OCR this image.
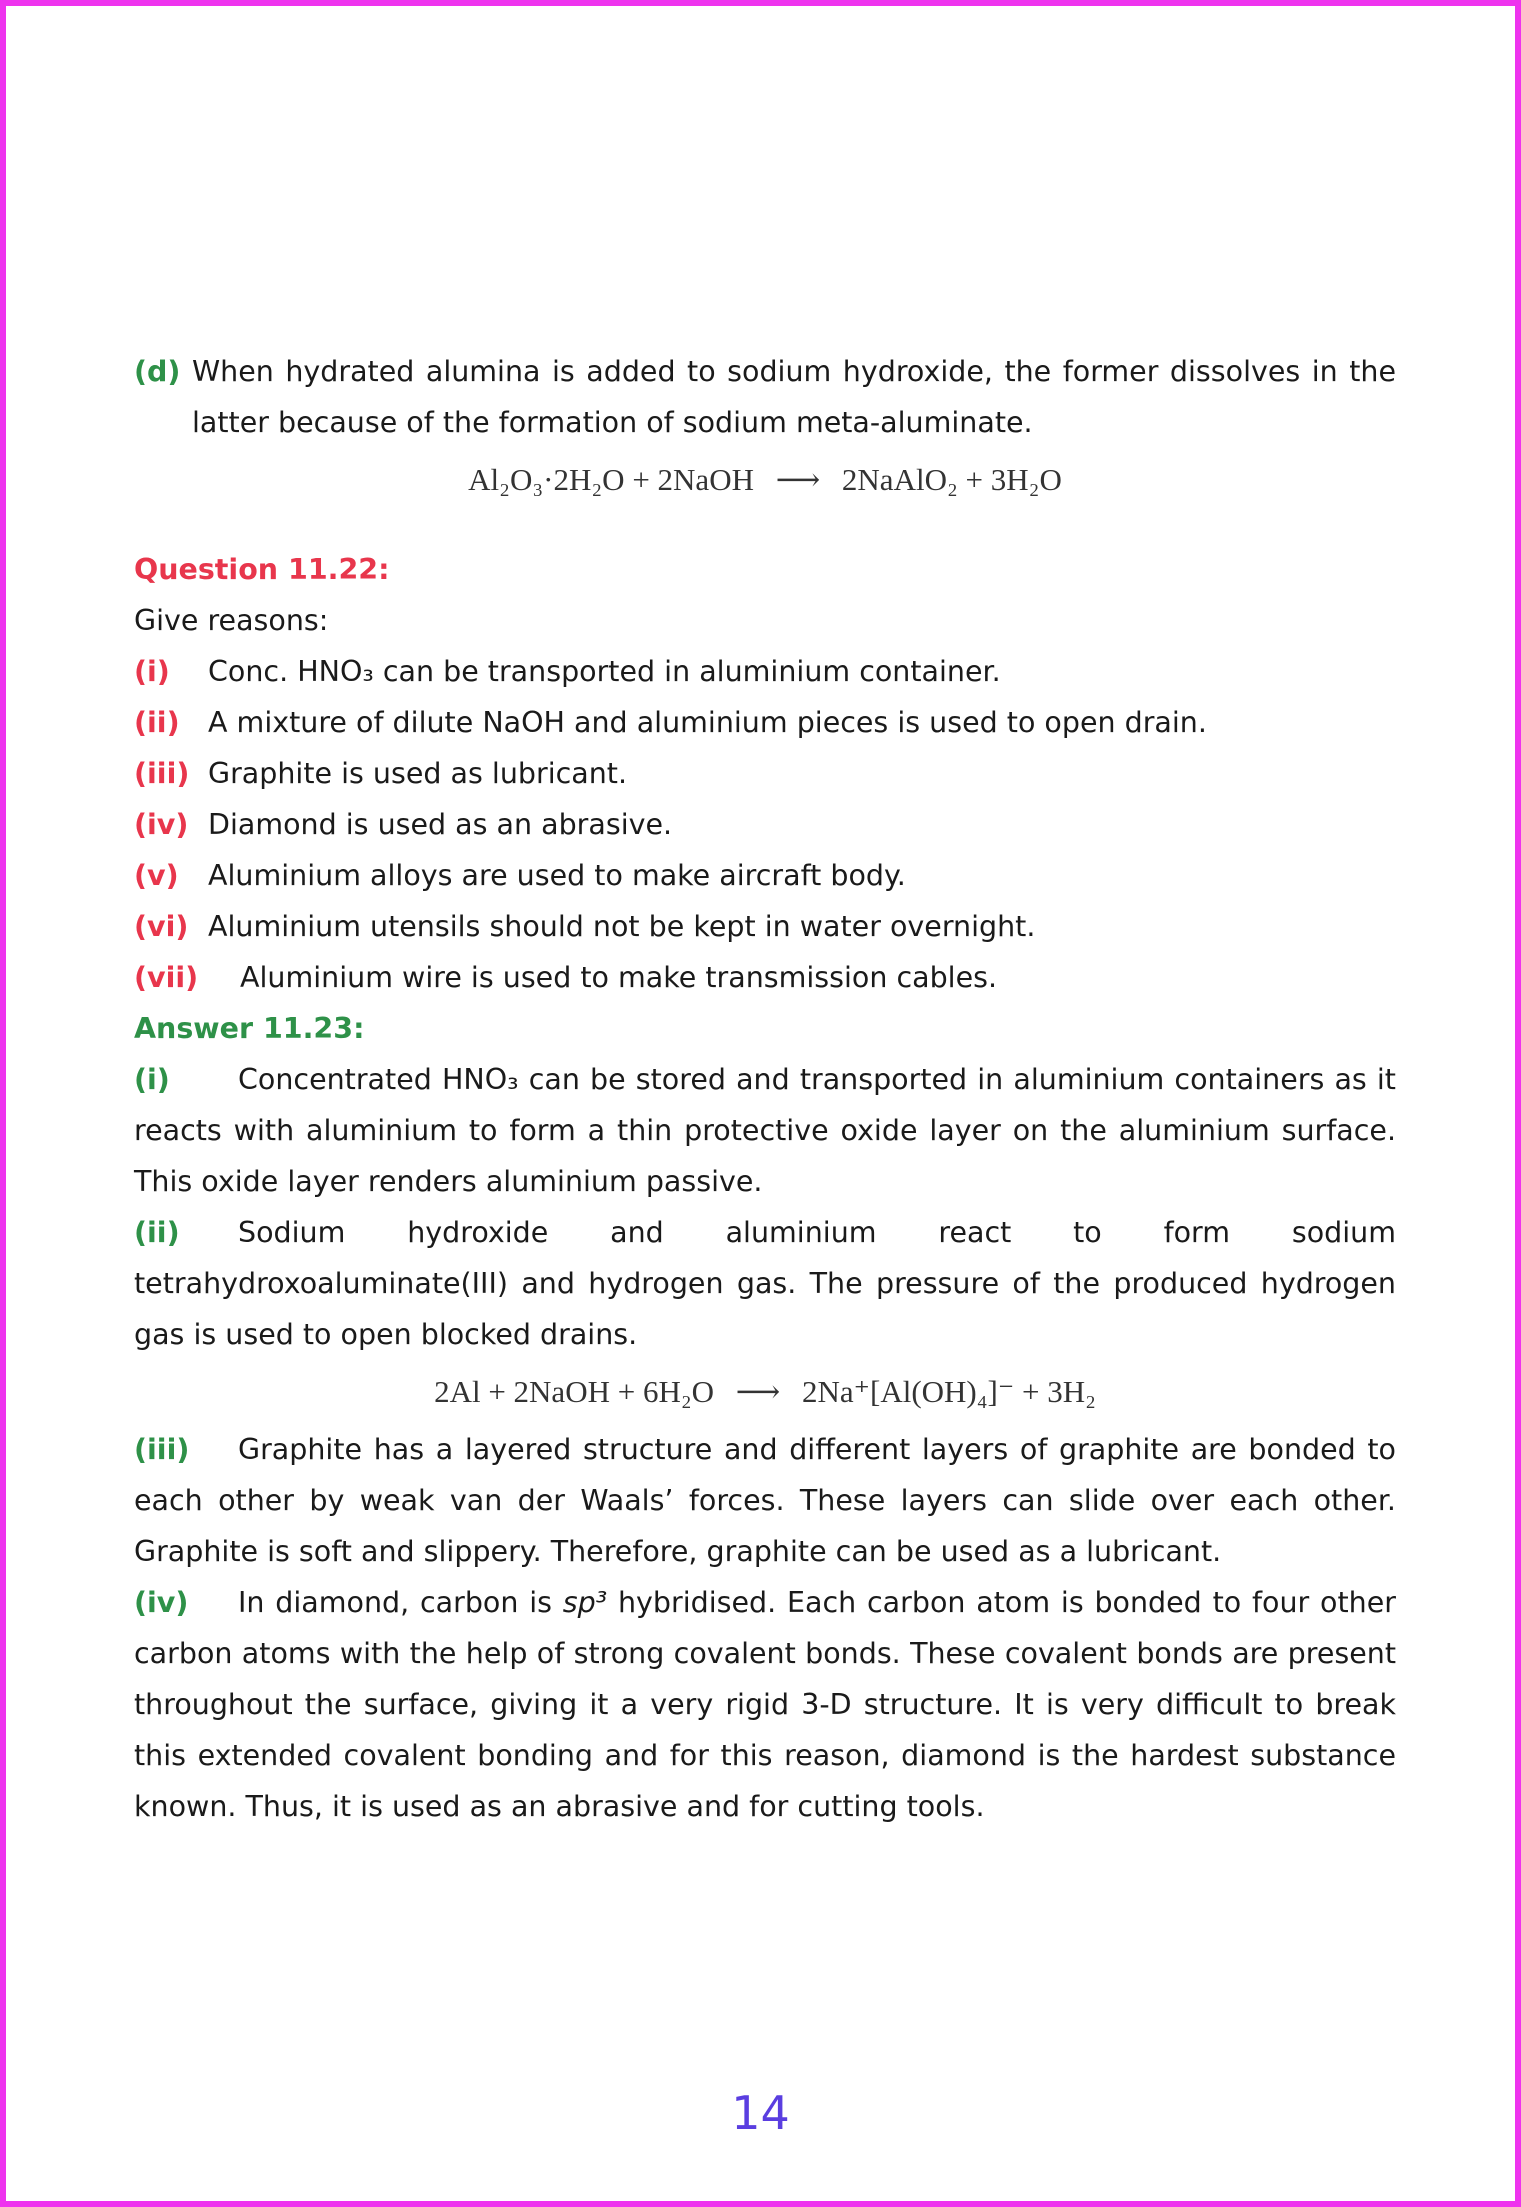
(d) When hydrated alumina is added to sodium hydroxide, the former dissolves in the latter because of the formation of sodium meta-aluminate.
Al₂O₃·2H₂O + 2NaOH ⟶ 2NaAlO₂ + 3H₂O

Question 11.22:

Give reasons:

(i)	Conc. HNO₃ can be transported in aluminium container.

(ii) A mixture of dilute NaOH and aluminium pieces is used to open drain.

(iii) Graphite is used as lubricant.

(iv) Diamond is used as an abrasive.

(v)	Aluminium alloys are used to make aircraft body.

(vi) Aluminium utensils should not be kept in water overnight.

(vii)	Aluminium wire is used to make transmission cables.

Answer 11.23:

(i) Concentrated HNO₃ can be stored and transported in aluminium containers as it reacts with aluminium to form a thin protective oxide layer on the aluminium surface. This oxide layer renders aluminium passive.

(ii) Sodium hydroxide and aluminium react to form sodium tetrahydroxoaluminate(III) and hydrogen gas. The pressure of the produced hydrogen gas is used to open blocked drains.

2Al + 2NaOH + 6H₂O ⟶ 2Na⁺[Al(OH)₄]⁻ + 3H₂

(iii) Graphite has a layered structure and different layers of graphite are bonded to each other by weak van der Waals’ forces. These layers can slide over each other. Graphite is soft and slippery. Therefore, graphite can be used as a lubricant.

(iv) In diamond, carbon is sp³ hybridised. Each carbon atom is bonded to four other carbon atoms with the help of strong covalent bonds. These covalent bonds are present throughout the surface, giving it a very rigid 3-D structure. It is very difficult to break this extended covalent bonding and for this reason, diamond is the hardest substance known. Thus, it is used as an abrasive and for cutting tools.

14
